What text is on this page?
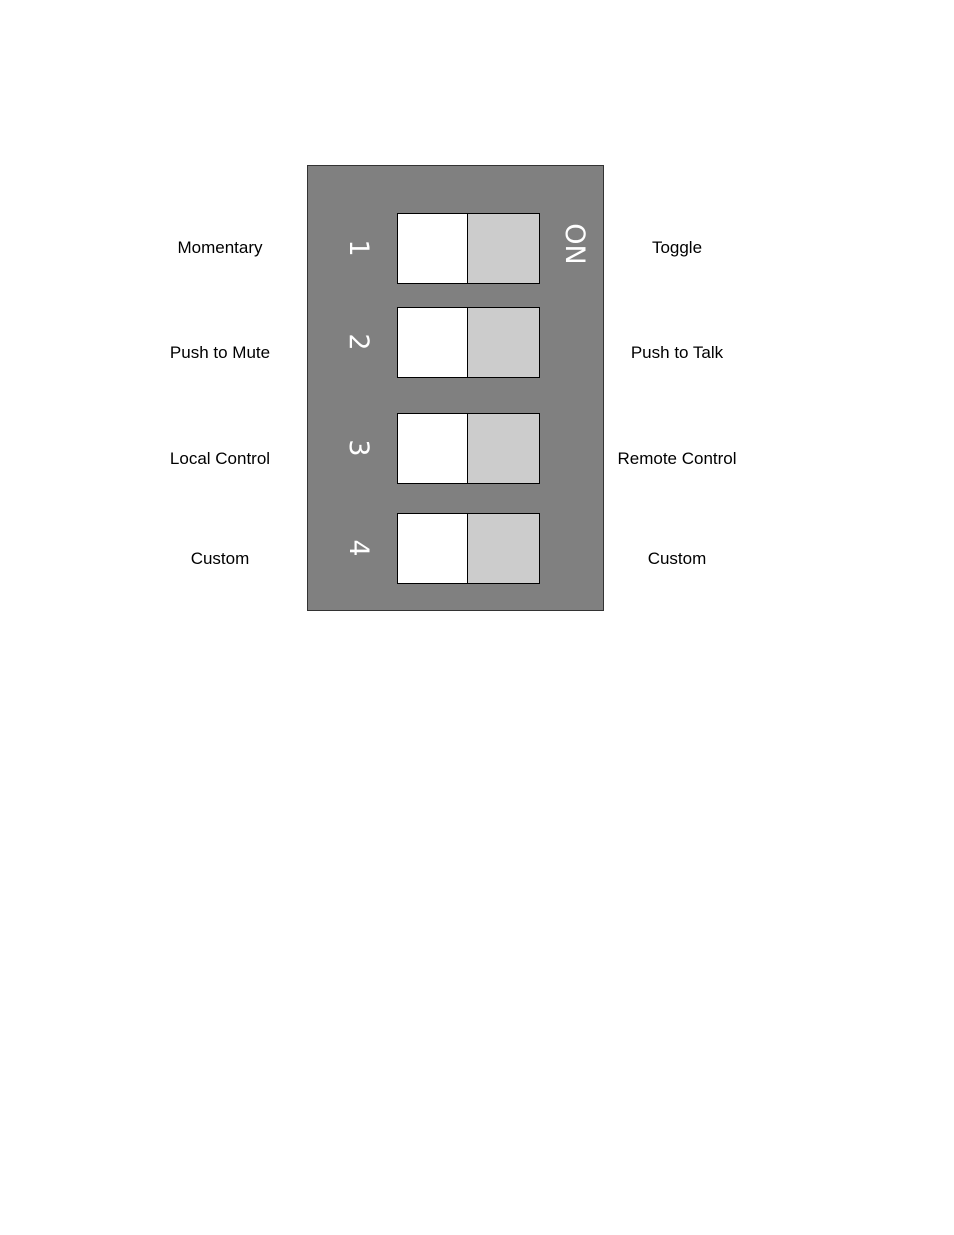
ON
1
2
3
4
Momentary	Toggle
Push to Mute	Push to Talk
Local Control	Remote Control
Custom	Custom
